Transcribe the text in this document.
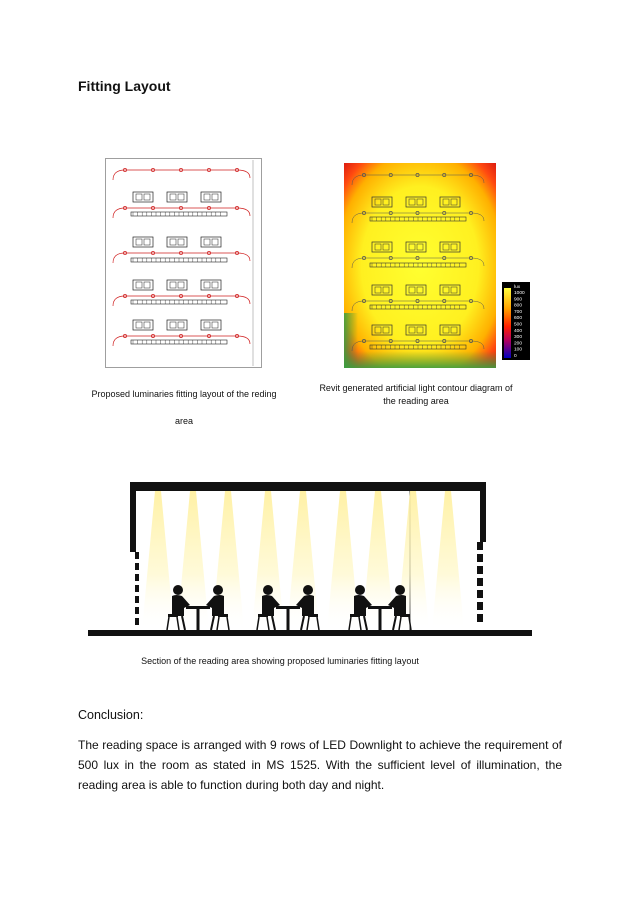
Fitting Layout
lux
1000
900
800
700
600
500
400
300
200
100
0
Proposed luminaries fitting layout of the reding
area
Revit generated artificial light contour diagram of the reading area
Section of the reading area showing proposed luminaries fitting layout
Conclusion:
The reading space is arranged with 9 rows of LED Downlight to achieve the requirement of 500 lux in the room as stated in MS 1525. With the sufficient level of illumination, the reading area is able to function during both day and night.
